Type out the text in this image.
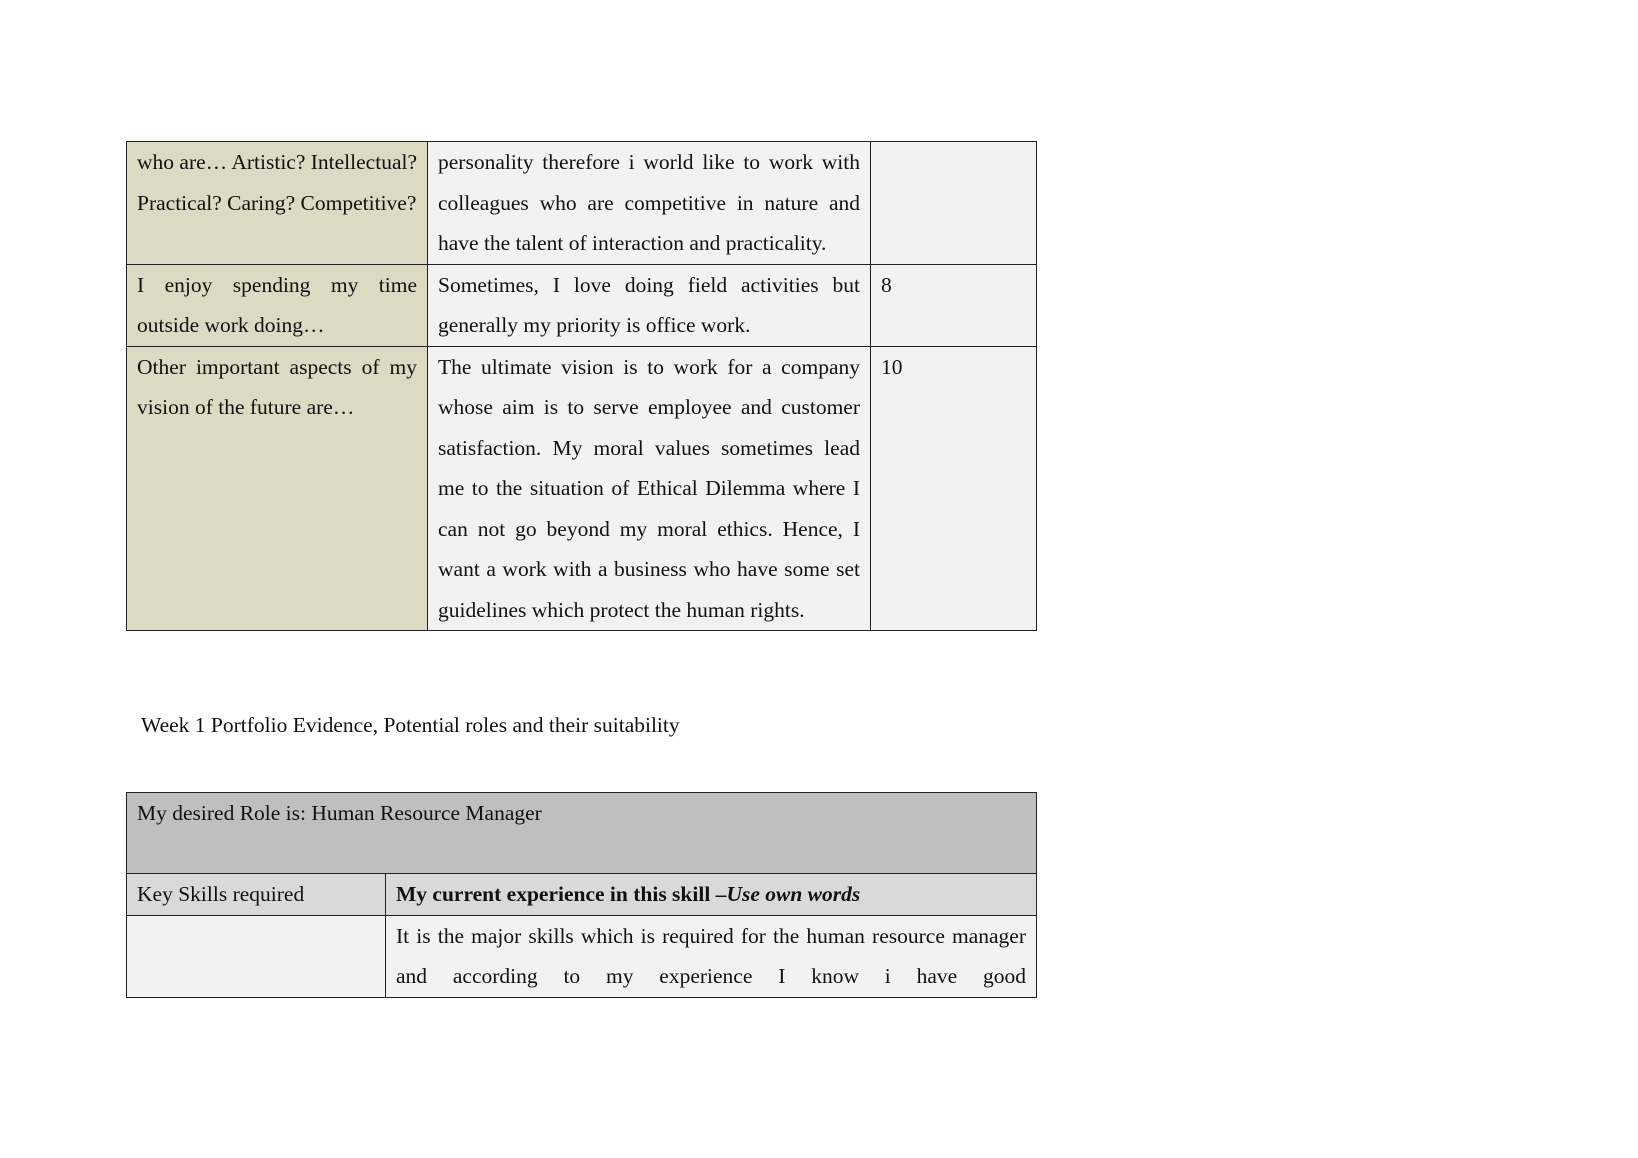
who are… Artistic? Intellectual? Practical? Caring? Competitive?	personality therefore i world like to work with colleagues who are competitive in nature and have the talent of interaction and practicality.	
I enjoy spending my time outside work doing…	Sometimes, I love doing field activities but generally my priority is office work.	8
Other important aspects of my vision of the future are…	The ultimate vision is to work for a company whose aim is to serve employee and customer satisfaction. My moral values sometimes lead me to the situation of Ethical Dilemma where I can not go beyond my moral ethics. Hence, I want a work with a business who have some set guidelines which protect the human rights.	10

Week 1 Portfolio Evidence, Potential roles and their suitability

My desired Role is: Human Resource Manager	
Key Skills required	My current experience in this skill –Use own words
	It is the major skills which is required for the human resource manager and according to my experience I know i have good
